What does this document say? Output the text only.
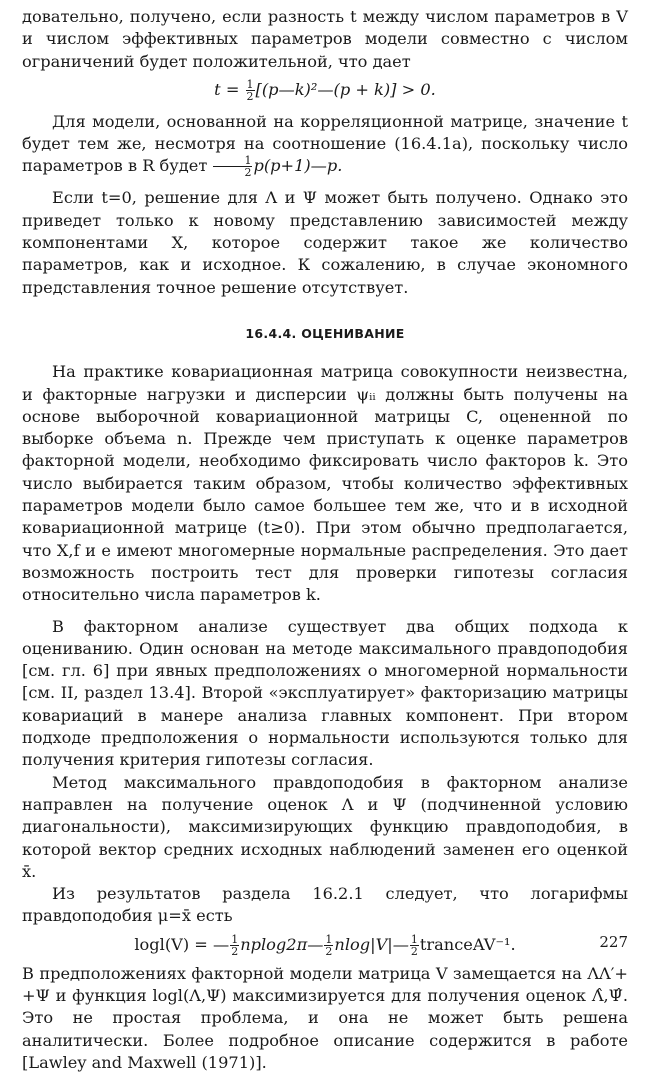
довательно, получено, если разность t между числом параметров в V и числом эффективных параметров модели совместно с числом ограничений будет положительной, что дает

$t = \frac{1}{2}$ [(p—k)²—(p + k)] > 0.

Для модели, основанной на корреляционной матрице, значение t будет тем же, несмотря на соотношение (16.4.1a), поскольку число параметров в R будет $\frac{1}{2}$ p(p+1)—p.

Если t=0, решение для Λ и Ψ может быть получено. Однако это приведет только к новому представлению зависимостей между компонентами X, которое содержит такое же количество параметров, как и исходное. К сожалению, в случае экономного представления точное решение отсутствует.

16.4.4. ОЦЕНИВАНИЕ

На практике ковариационная матрица совокупности неизвестна, и факторные нагрузки и дисперсии ψᵢᵢ должны быть получены на основе выборочной ковариационной матрицы C, оцененной по выборке объема n. Прежде чем приступать к оценке параметров факторной модели, необходимо фиксировать число факторов k. Это число выбирается таким образом, чтобы количество эффективных параметров модели было самое большее тем же, что и в исходной ковариационной матрице (t≥0). При этом обычно предполагается, что X,f и e имеют многомерные нормальные распределения. Это дает возможность построить тест для проверки гипотезы согласия относительно числа параметров k.

В факторном анализе существует два общих подхода к оцениванию. Один основан на методе максимального правдоподобия [см. гл. 6] при явных предположениях о многомерной нормальности [см. II, раздел 13.4]. Второй «эксплуатирует» факторизацию матрицы ковариаций в манере анализа главных компонент. При втором подходе предположения о нормальности используются только для получения критерия гипотезы согласия.

Метод максимального правдоподобия в факторном анализе направлен на получение оценок Λ и Ψ (подчиненной условию диагональности), максимизирующих функцию правдоподобия, в которой вектор средних исходных наблюдений заменен его оценкой x̄.

Из результатов раздела 16.2.1 следует, что логарифмы правдоподобия μ=x̄ есть

logl(V) = — $\frac{1}{2}$ nplog2π— $\frac{1}{2}$ nlog|V|— $\frac{1}{2}$ tranceAV⁻¹.

В предположениях факторной модели матрица V замещается на ΛΛ′+ +Ψ и функция logl(Λ,Ψ) максимизируется для получения оценок Λ̂,Ψ̂. Это не простая проблема, и она не может быть решена аналитически. Более подробное описание содержится в работе [Lawley and Maxwell (1971)].

227
